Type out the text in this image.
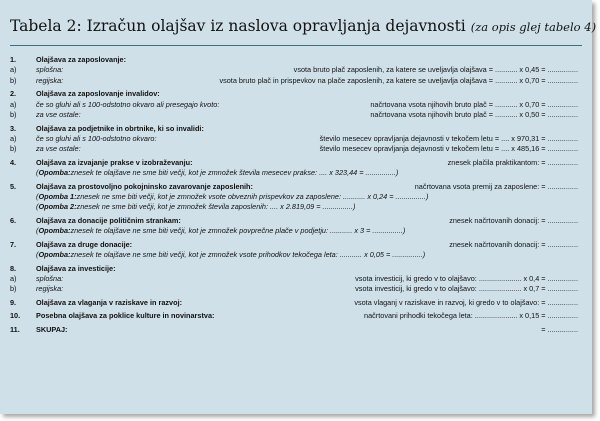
Tabela 2: Izračun olajšav iz naslova opravljanja dejavnosti (za opis glej tabelo 4)
1.	Olajšava za zaposlovanje:
a)	splošna:	vsota bruto plač zaposlenih, za katere se uveljavlja olajšava = ........... x 0,45 = ...............
b)	regijska:	vsota bruto plač in prispevkov na plače zaposlenih, za katere se uveljavlja olajšava = ........... x 0,70 = ...............
2.	Olajšava za zaposlovanje invalidov:
a)	če so gluhi ali s 100-odstotno okvaro ali presegajo kvoto:	načrtovana vsota njihovih bruto plač = ........... x 0,70 = ...............
b)	za vse ostale:	načrtovana vsota njihovih bruto plač = ........... x 0,50 = ...............
3.	Olajšava za podjetnike in obrtnike, ki so invalidi:
a)	če so gluhi ali s 100-odstotno okvaro:	število mesecev opravljanja dejavnosti v tekočem letu = .... x 970,31 = ...............
b)	za vse ostale:	število mesecev opravljanja dejavnosti v tekočem letu = .... x 485,16 = ...............
4.	Olajšava za izvajanje prakse v izobraževanju:	znesek plačila praktikantom: = ...............
( Opomba: znesek te olajšave ne sme biti večji, kot je zmnožek števila mesecev prakse: .... x 323,44 = ...............)
5.	Olajšava za prostovoljno pokojninsko zavarovanje zaposlenih:	načrtovana vsota premij za zaposlene: = ...............
( Opomba 1: znesek ne sme biti večji, kot je zmnožek vsote obveznih prispevkov za zaposlene: ........... x 0,24 = ...............)
( Opomba 2: znesek ne sme biti večji, kot je zmnožek števila zaposlenih: .... x 2.819,09 = ...............)
6.	Olajšava za donacije političnim strankam:	znesek načrtovanih donacij: = ...............
( Opomba: znesek te olajšave ne sme biti večji, kot je zmnožek povprečne plače v podjetju: ........... x 3 = ...............)
7.	Olajšava za druge donacije:	znesek načrtovanih donacij: = ...............
( Opomba: znesek te olajšave ne sme biti večji, kot je zmnožek vsote prihodkov tekočega leta: ........... x 0,05 = ...............)
8.	Olajšava za investicije:
a)	splošna:	vsota investicij, ki gredo v to olajšavo: ..................... x 0,4 = ...............
b)	regijska:	vsota investicij, ki gredo v to olajšavo: ..................... x 0,7 = ...............
9.	Olajšava za vlaganja v raziskave in razvoj:	vsota vlaganj v raziskave in razvoj, ki gredo v to olajšavo: = ...............
10.	Posebna olajšava za poklice kulture in novinarstva:	načrtovani prihodki tekočega leta: ..................... x 0,15 = ...............
11.	SKUPAJ:	= ...............
